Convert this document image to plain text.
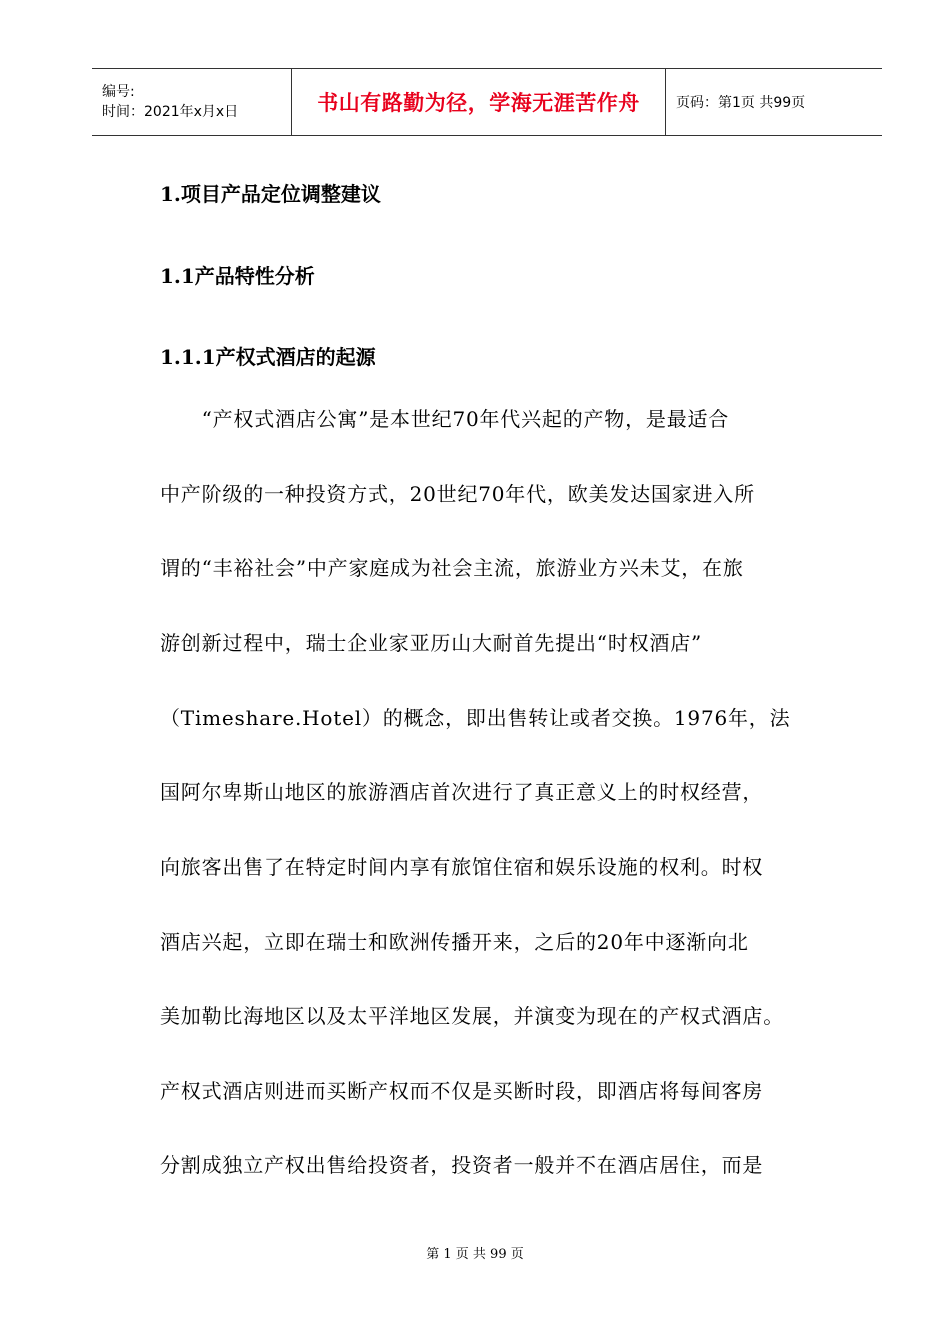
编号:
时间：2021年x月x日	书山有路勤为径，学海无涯苦作舟	页码：第1页 共99页
1.项目产品定位调整建议
1.1产品特性分析
1.1.1产权式酒店的起源
　　“产权式酒店公寓”是本世纪70年代兴起的产物，是最适合
中产阶级的一种投资方式，20世纪70年代，欧美发达国家进入所
谓的“丰裕社会”中产家庭成为社会主流，旅游业方兴未艾，在旅
游创新过程中，瑞士企业家亚历山大耐首先提出“时权酒店”
（Timeshare.Hotel）的概念，即出售转让或者交换。1976年，法
国阿尔卑斯山地区的旅游酒店首次进行了真正意义上的时权经营，
向旅客出售了在特定时间内享有旅馆住宿和娱乐设施的权利。时权
酒店兴起，立即在瑞士和欧洲传播开来，之后的20年中逐渐向北
美加勒比海地区以及太平洋地区发展，并演变为现在的产权式酒店。
产权式酒店则进而买断产权而不仅是买断时段，即酒店将每间客房
分割成独立产权出售给投资者，投资者一般并不在酒店居住，而是
第 1 页 共 99 页
